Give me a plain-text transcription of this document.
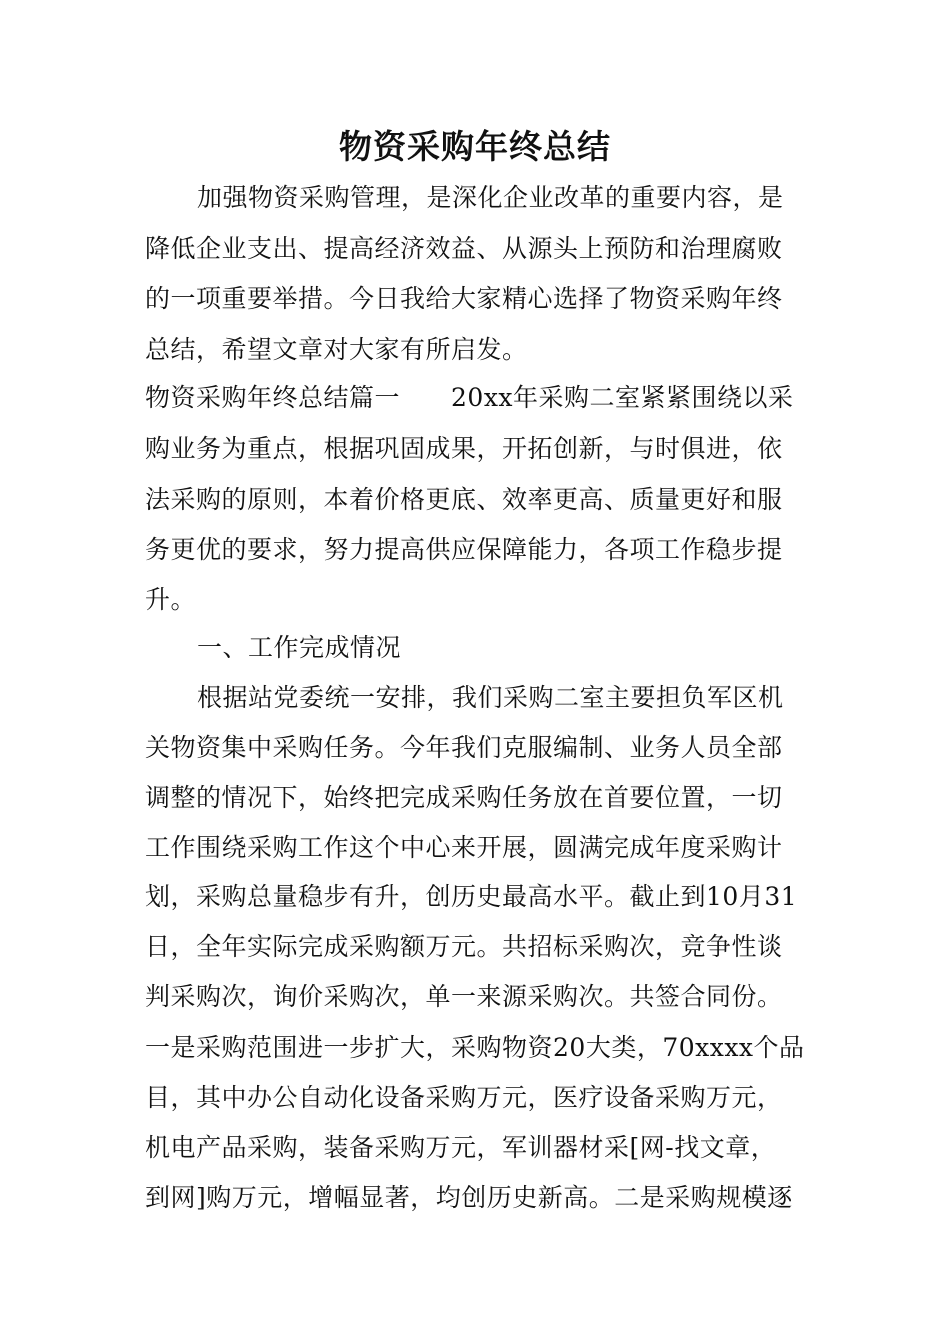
物资采购年终总结
加强物资采购管理，是深化企业改革的重要内容，是
降低企业支出、提高经济效益、从源头上预防和治理腐败
的一项重要举措。今日我给大家精心选择了物资采购年终
总结，希望文章对大家有所启发。
物资采购年终总结篇一　　20xx年采购二室紧紧围绕以采
购业务为重点，根据巩固成果，开拓创新，与时俱进，依
法采购的原则，本着价格更底、效率更高、质量更好和服
务更优的要求，努力提高供应保障能力，各项工作稳步提
升。
一、工作完成情况
根据站党委统一安排，我们采购二室主要担负军区机
关物资集中采购任务。今年我们克服编制、业务人员全部
调整的情况下，始终把完成采购任务放在首要位置，一切
工作围绕采购工作这个中心来开展，圆满完成年度采购计
划，采购总量稳步有升，创历史最高水平。截止到10月31
日，全年实际完成采购额万元。共招标采购次，竞争性谈
判采购次，询价采购次，单一来源采购次。共签合同份。
一是采购范围进一步扩大，采购物资20大类，70xxxx个品
目，其中办公自动化设备采购万元，医疗设备采购万元，
机电产品采购，装备采购万元，军训器材采[网-找文章，
到网]购万元，增幅显著，均创历史新高。二是采购规模逐
